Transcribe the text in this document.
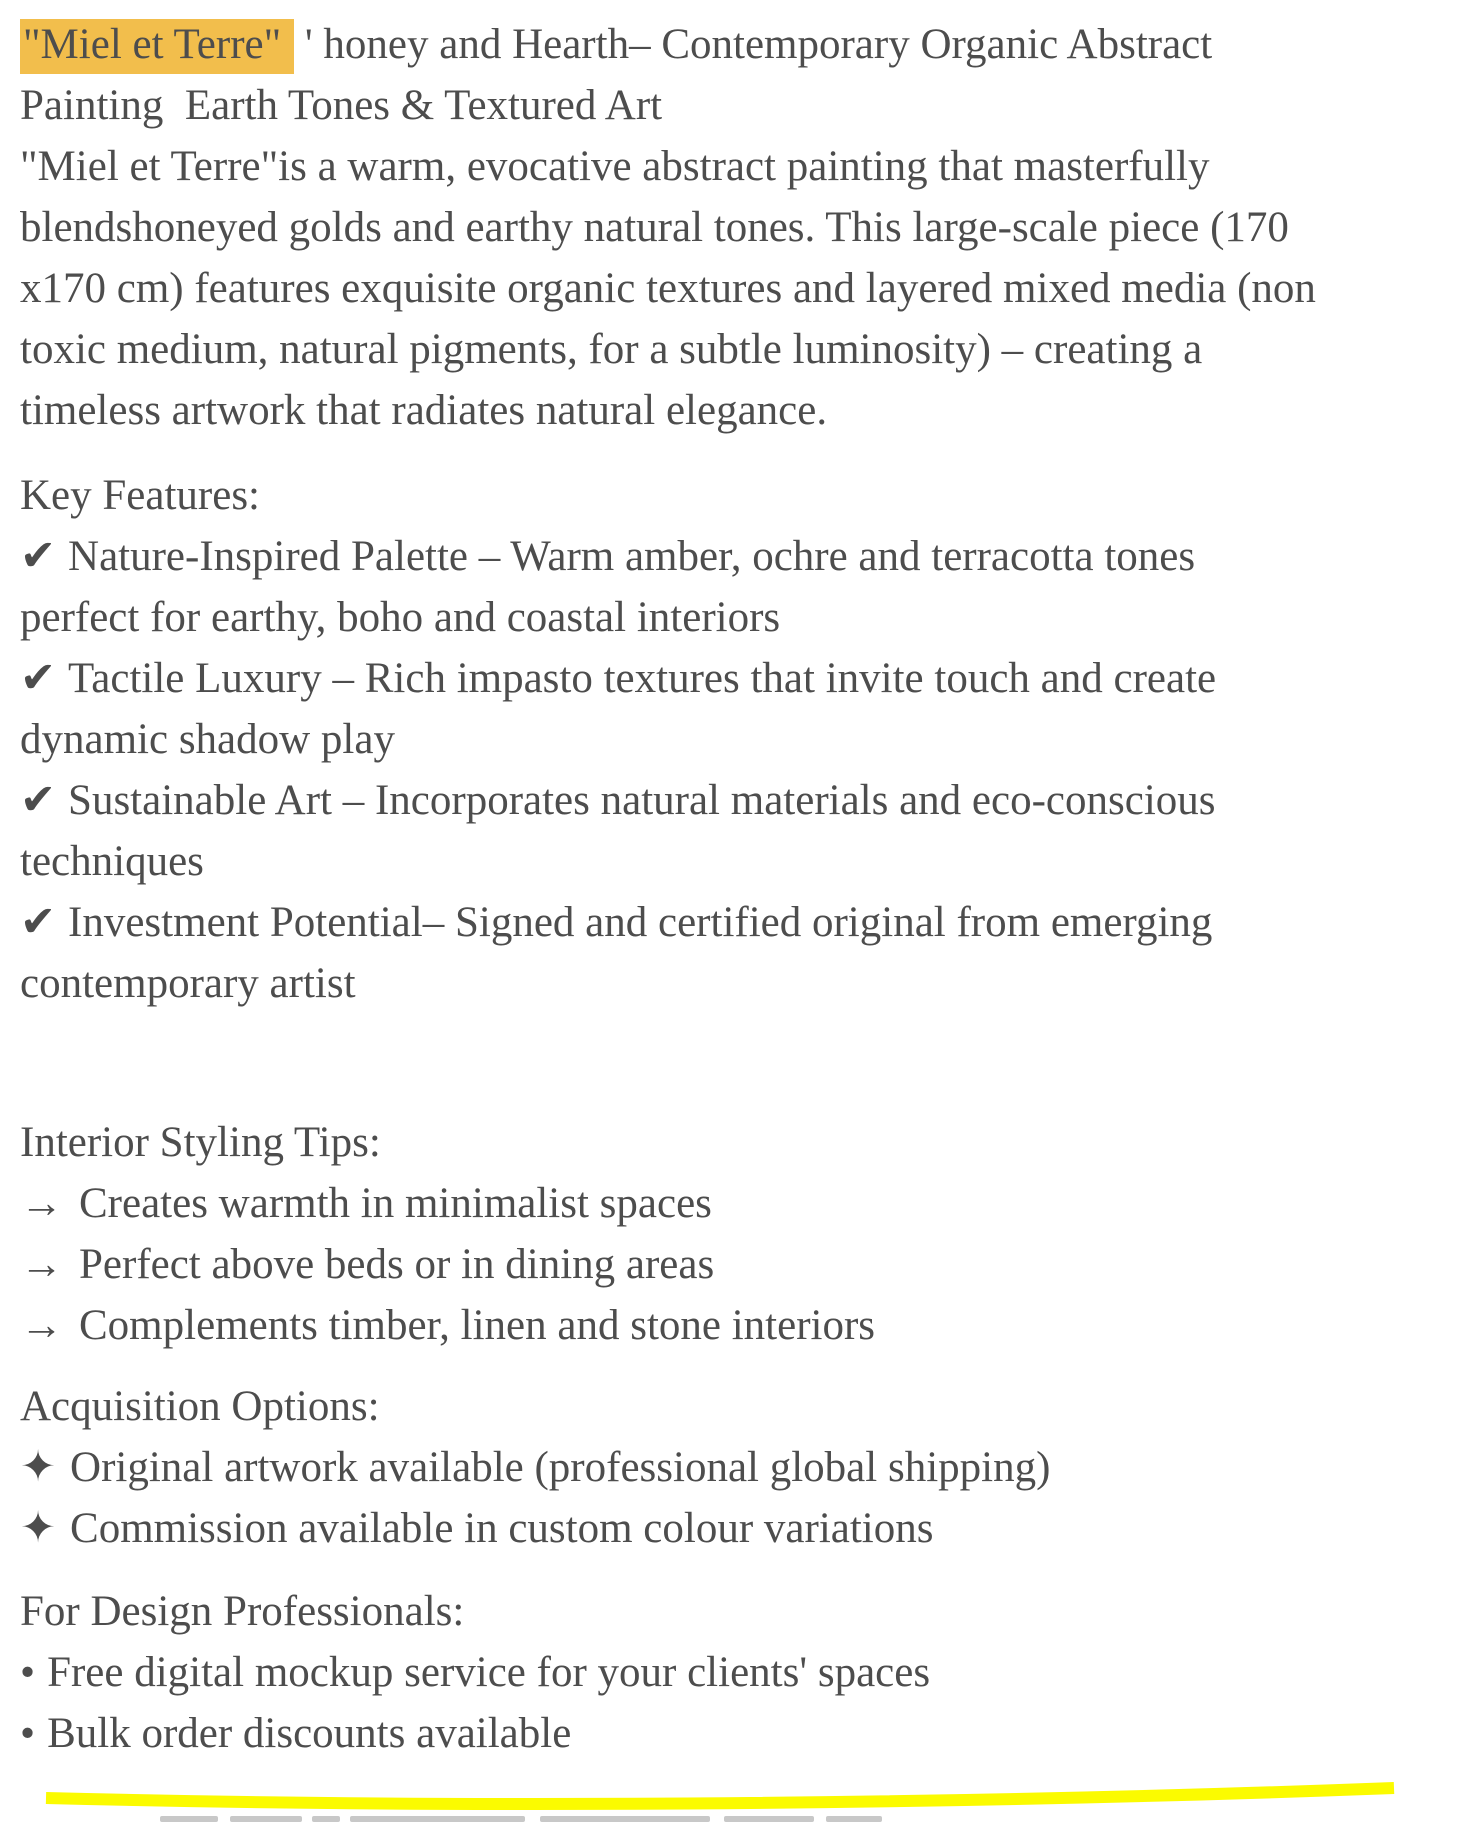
"Miel et Terre" ' honey and Hearth– Contemporary Organic Abstract
Painting  Earth Tones & Textured Art
"Miel et Terre"is a warm, evocative abstract painting that masterfully
blendshoneyed golds and earthy natural tones. This large-scale piece (170
x170 cm) features exquisite organic textures and layered mixed media (non
toxic medium, natural pigments, for a subtle luminosity) – creating a
timeless artwork that radiates natural elegance.
Key Features:
✔ Nature-Inspired Palette – Warm amber, ochre and terracotta tones
perfect for earthy, boho and coastal interiors
✔ Tactile Luxury – Rich impasto textures that invite touch and create
dynamic shadow play
✔ Sustainable Art – Incorporates natural materials and eco-conscious
techniques
✔ Investment Potential– Signed and certified original from emerging
contemporary artist
Interior Styling Tips:
→ Creates warmth in minimalist spaces
→ Perfect above beds or in dining areas
→ Complements timber, linen and stone interiors
Acquisition Options:
✦ Original artwork available (professional global shipping)
✦ Commission available in custom colour variations
For Design Professionals:
• Free digital mockup service for your clients' spaces
• Bulk order discounts available
